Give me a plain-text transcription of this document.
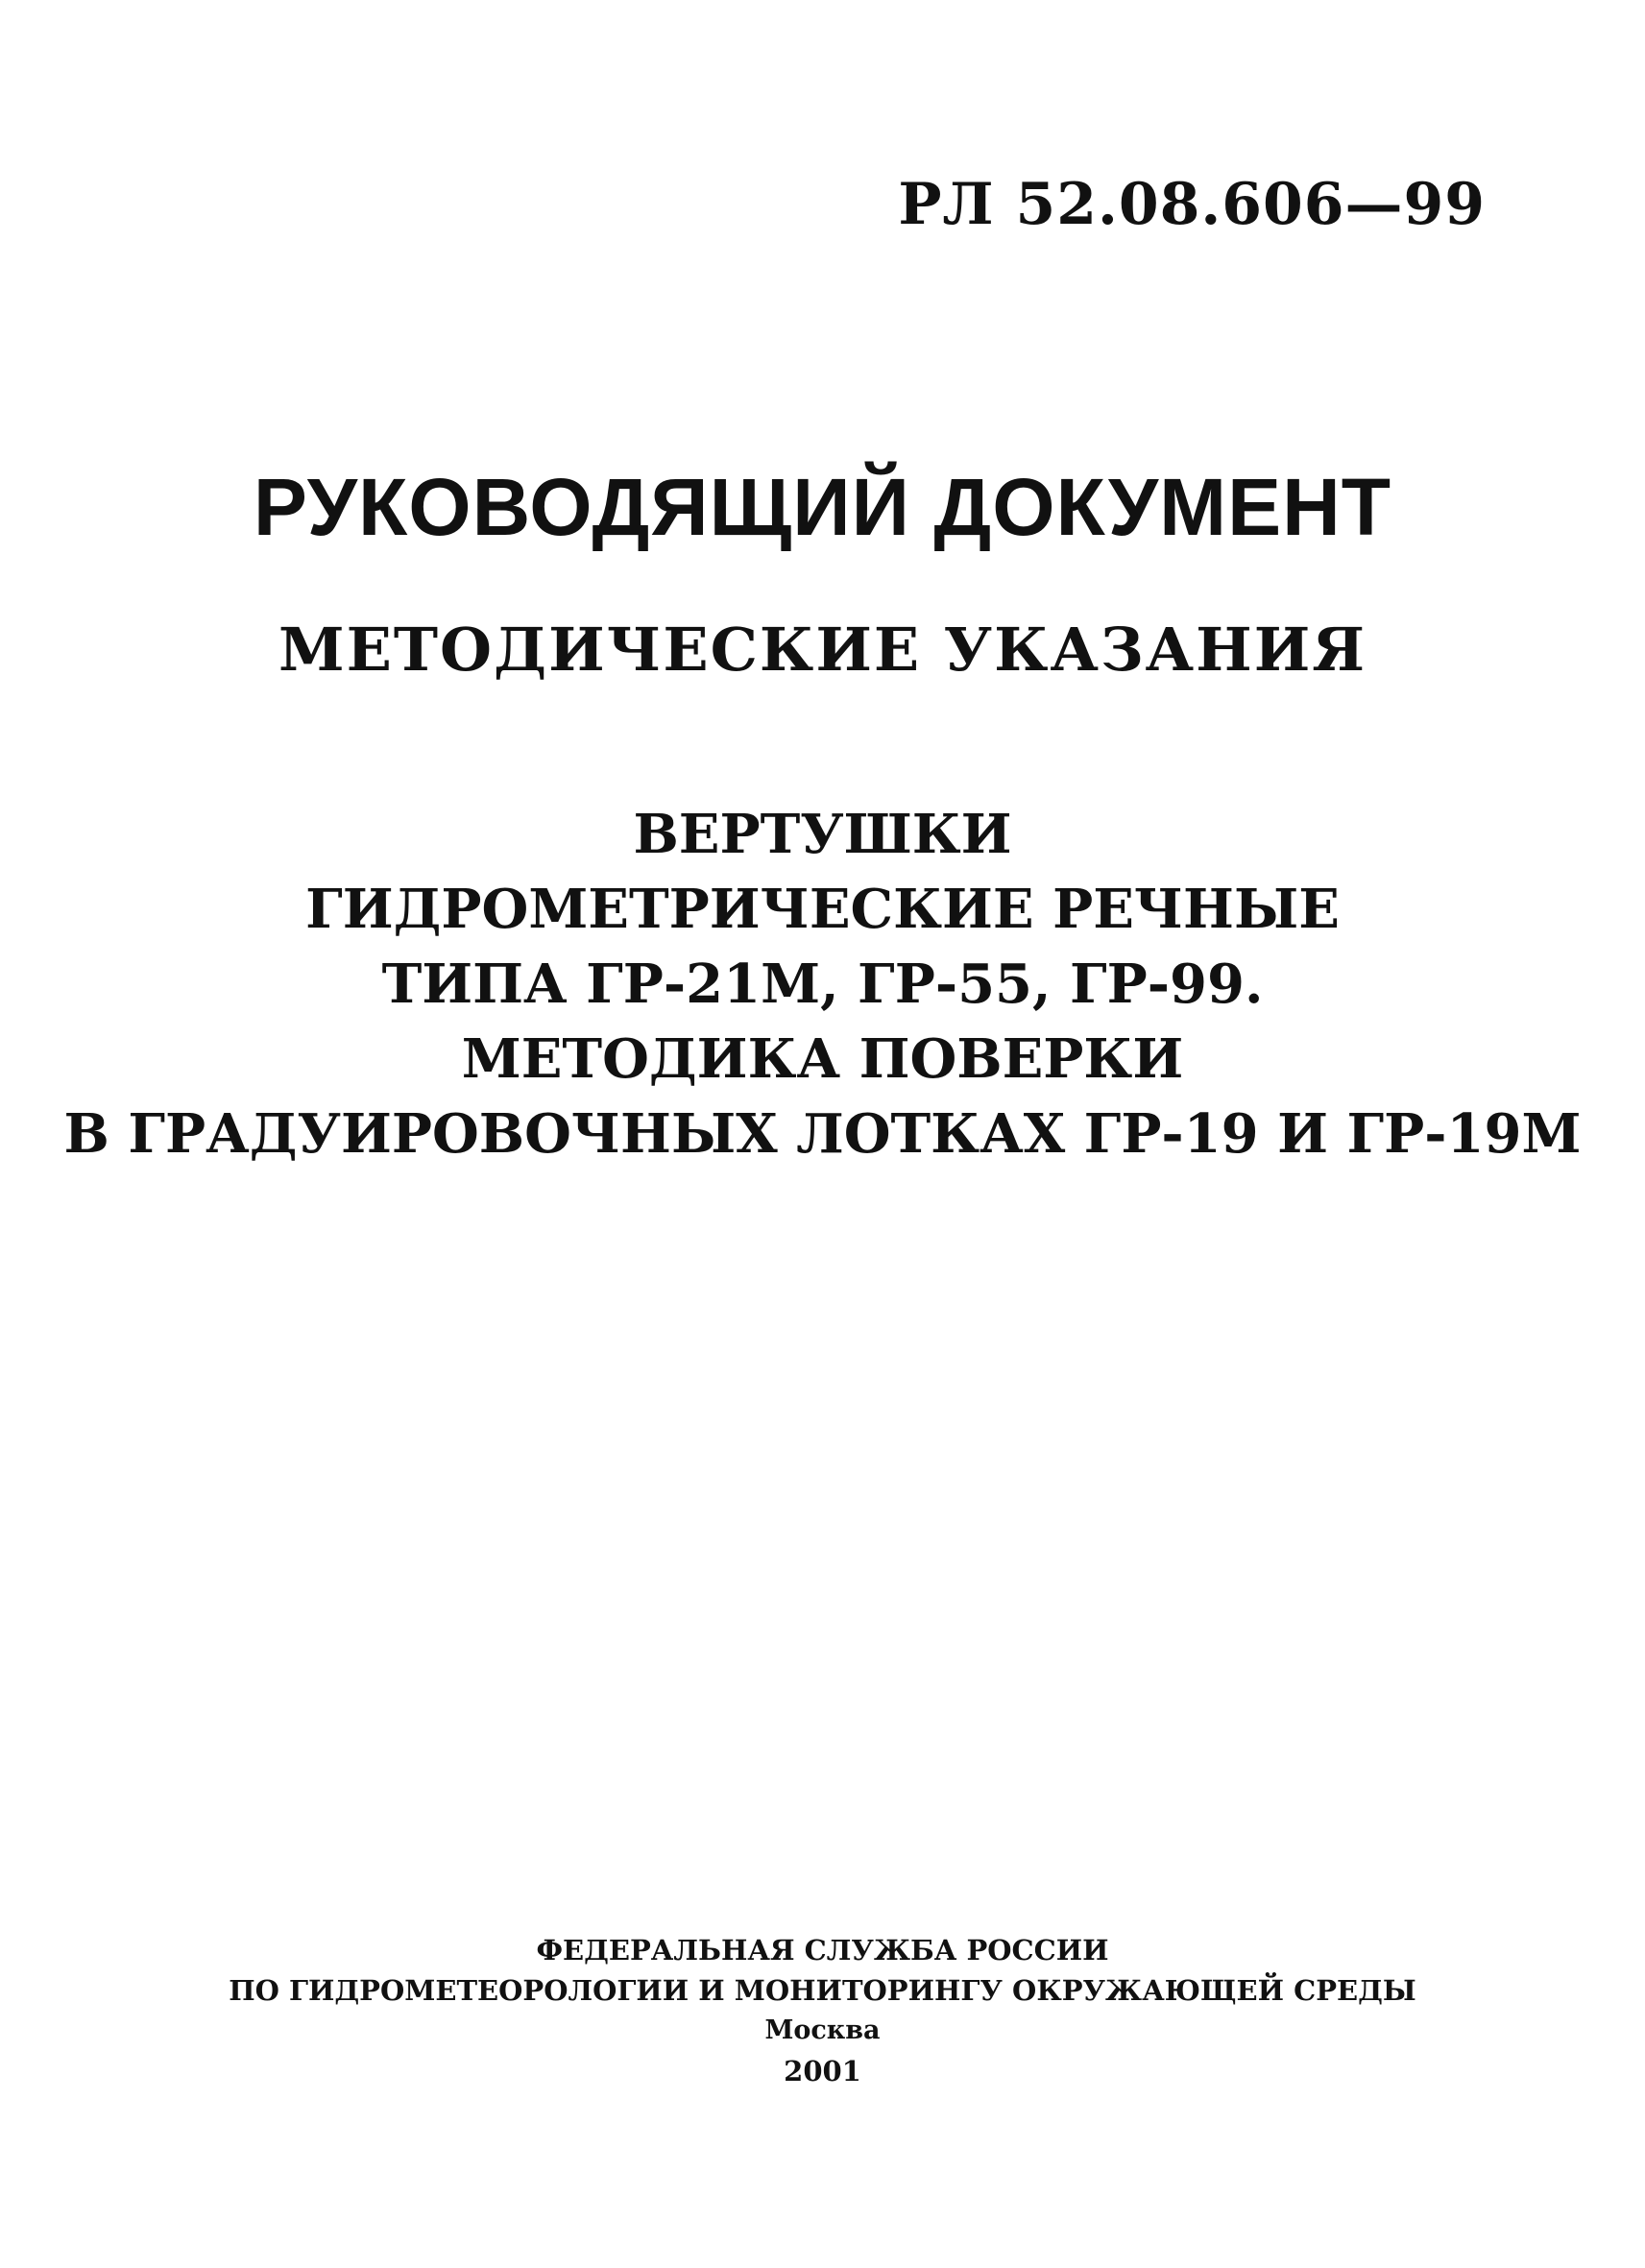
РЛ 52.08.606—99
РУКОВОДЯЩИЙ ДОКУМЕНТ
МЕТОДИЧЕСКИЕ УКАЗАНИЯ
ВЕРТУШКИ
ГИДРОМЕТРИЧЕСКИЕ РЕЧНЫЕ
ТИПА ГР-21М, ГР-55, ГР-99.
МЕТОДИКА ПОВЕРКИ
В ГРАДУИРОВОЧНЫХ ЛОТКАХ ГР-19 И ГР-19М
ФЕДЕРАЛЬНАЯ СЛУЖБА РОССИИ
ПО ГИДРОМЕТЕОРОЛОГИИ И МОНИТОРИНГУ ОКРУЖАЮЩЕЙ СРЕДЫ
Москва
2001
